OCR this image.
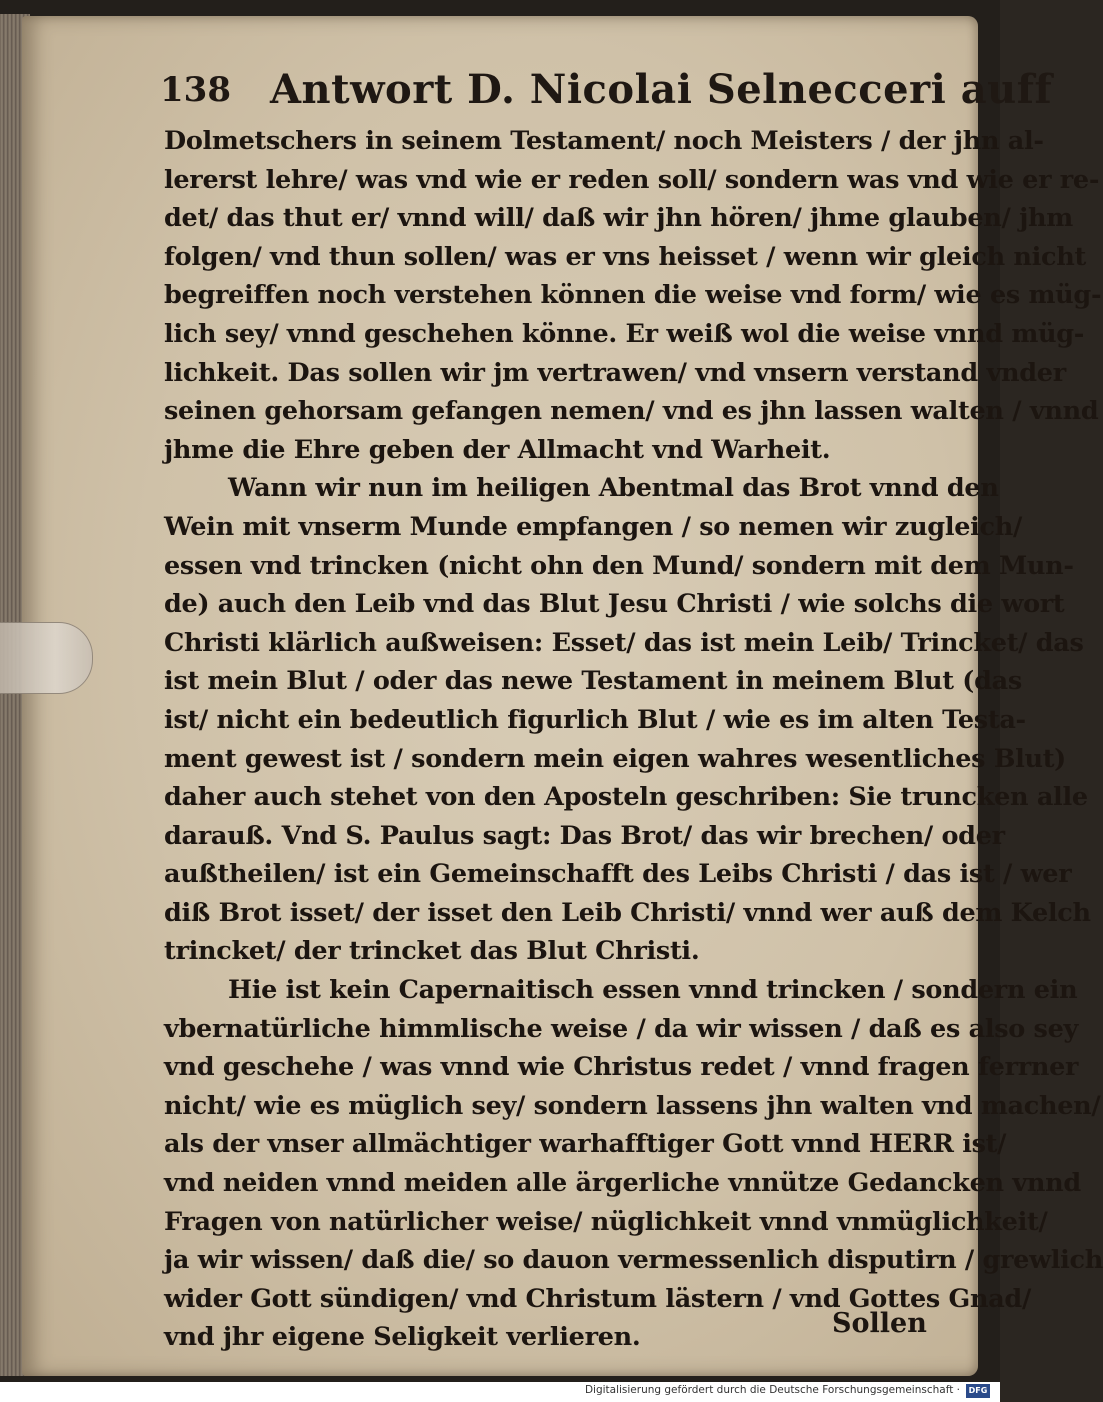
138 Antwort D. Nicolai Selnecceri auff
Dolmetschers in seinem Testament/ noch Meisters / der jhn al-
lererst lehre/ was vnd wie er reden soll/ sondern was vnd wie er re-
det/ das thut er/ vnnd will/ daß wir jhn hören/ jhme glauben/ jhm
folgen/ vnd thun sollen/ was er vns heisset / wenn wir gleich nicht
begreiffen noch verstehen können die weise vnd form/ wie es müg-
lich sey/ vnnd geschehen könne. Er weiß wol die weise vnnd müg-
lichkeit. Das sollen wir jm vertrawen/ vnd vnsern verstand vnder
seinen gehorsam gefangen nemen/ vnd es jhn lassen walten / vnnd
jhme die Ehre geben der Allmacht vnd Warheit.
Wann wir nun im heiligen Abentmal das Brot vnnd den
Wein mit vnserm Munde empfangen / so nemen wir zugleich/
essen vnd trincken (nicht ohn den Mund/ sondern mit dem Mun-
de) auch den Leib vnd das Blut Jesu Christi / wie solchs die wort
Christi klärlich außweisen: Esset/ das ist mein Leib/ Trincket/ das
ist mein Blut / oder das newe Testament in meinem Blut (das
ist/ nicht ein bedeutlich figurlich Blut / wie es im alten Testa-
ment gewest ist / sondern mein eigen wahres wesentliches Blut)
daher auch stehet von den Aposteln geschriben: Sie truncken alle
darauß. Vnd S. Paulus sagt: Das Brot/ das wir brechen/ oder
außtheilen/ ist ein Gemeinschafft des Leibs Christi / das ist / wer
diß Brot isset/ der isset den Leib Christi/ vnnd wer auß dem Kelch
trincket/ der trincket das Blut Christi.
Hie ist kein Capernaitisch essen vnnd trincken / sondern ein
vbernatürliche himmlische weise / da wir wissen / daß es also sey
vnd geschehe / was vnnd wie Christus redet / vnnd fragen ferrner
nicht/ wie es müglich sey/ sondern lassens jhn walten vnd machen/
als der vnser allmächtiger warhafftiger Gott vnnd HERR ist/
vnd neiden vnnd meiden alle ärgerliche vnnütze Gedancken vnnd
Fragen von natürlicher weise/ nüglichkeit vnnd vnmüglichkeit/
ja wir wissen/ daß die/ so dauon vermessenlich disputirn / grewlich
wider Gott sündigen/ vnd Christum lästern / vnd Gottes Gnad/
vnd jhr eigene Seligkeit verlieren.	Sollen
Digitalisierung gefördert durch die Deutsche Forschungsgemeinschaft ·	DFG
